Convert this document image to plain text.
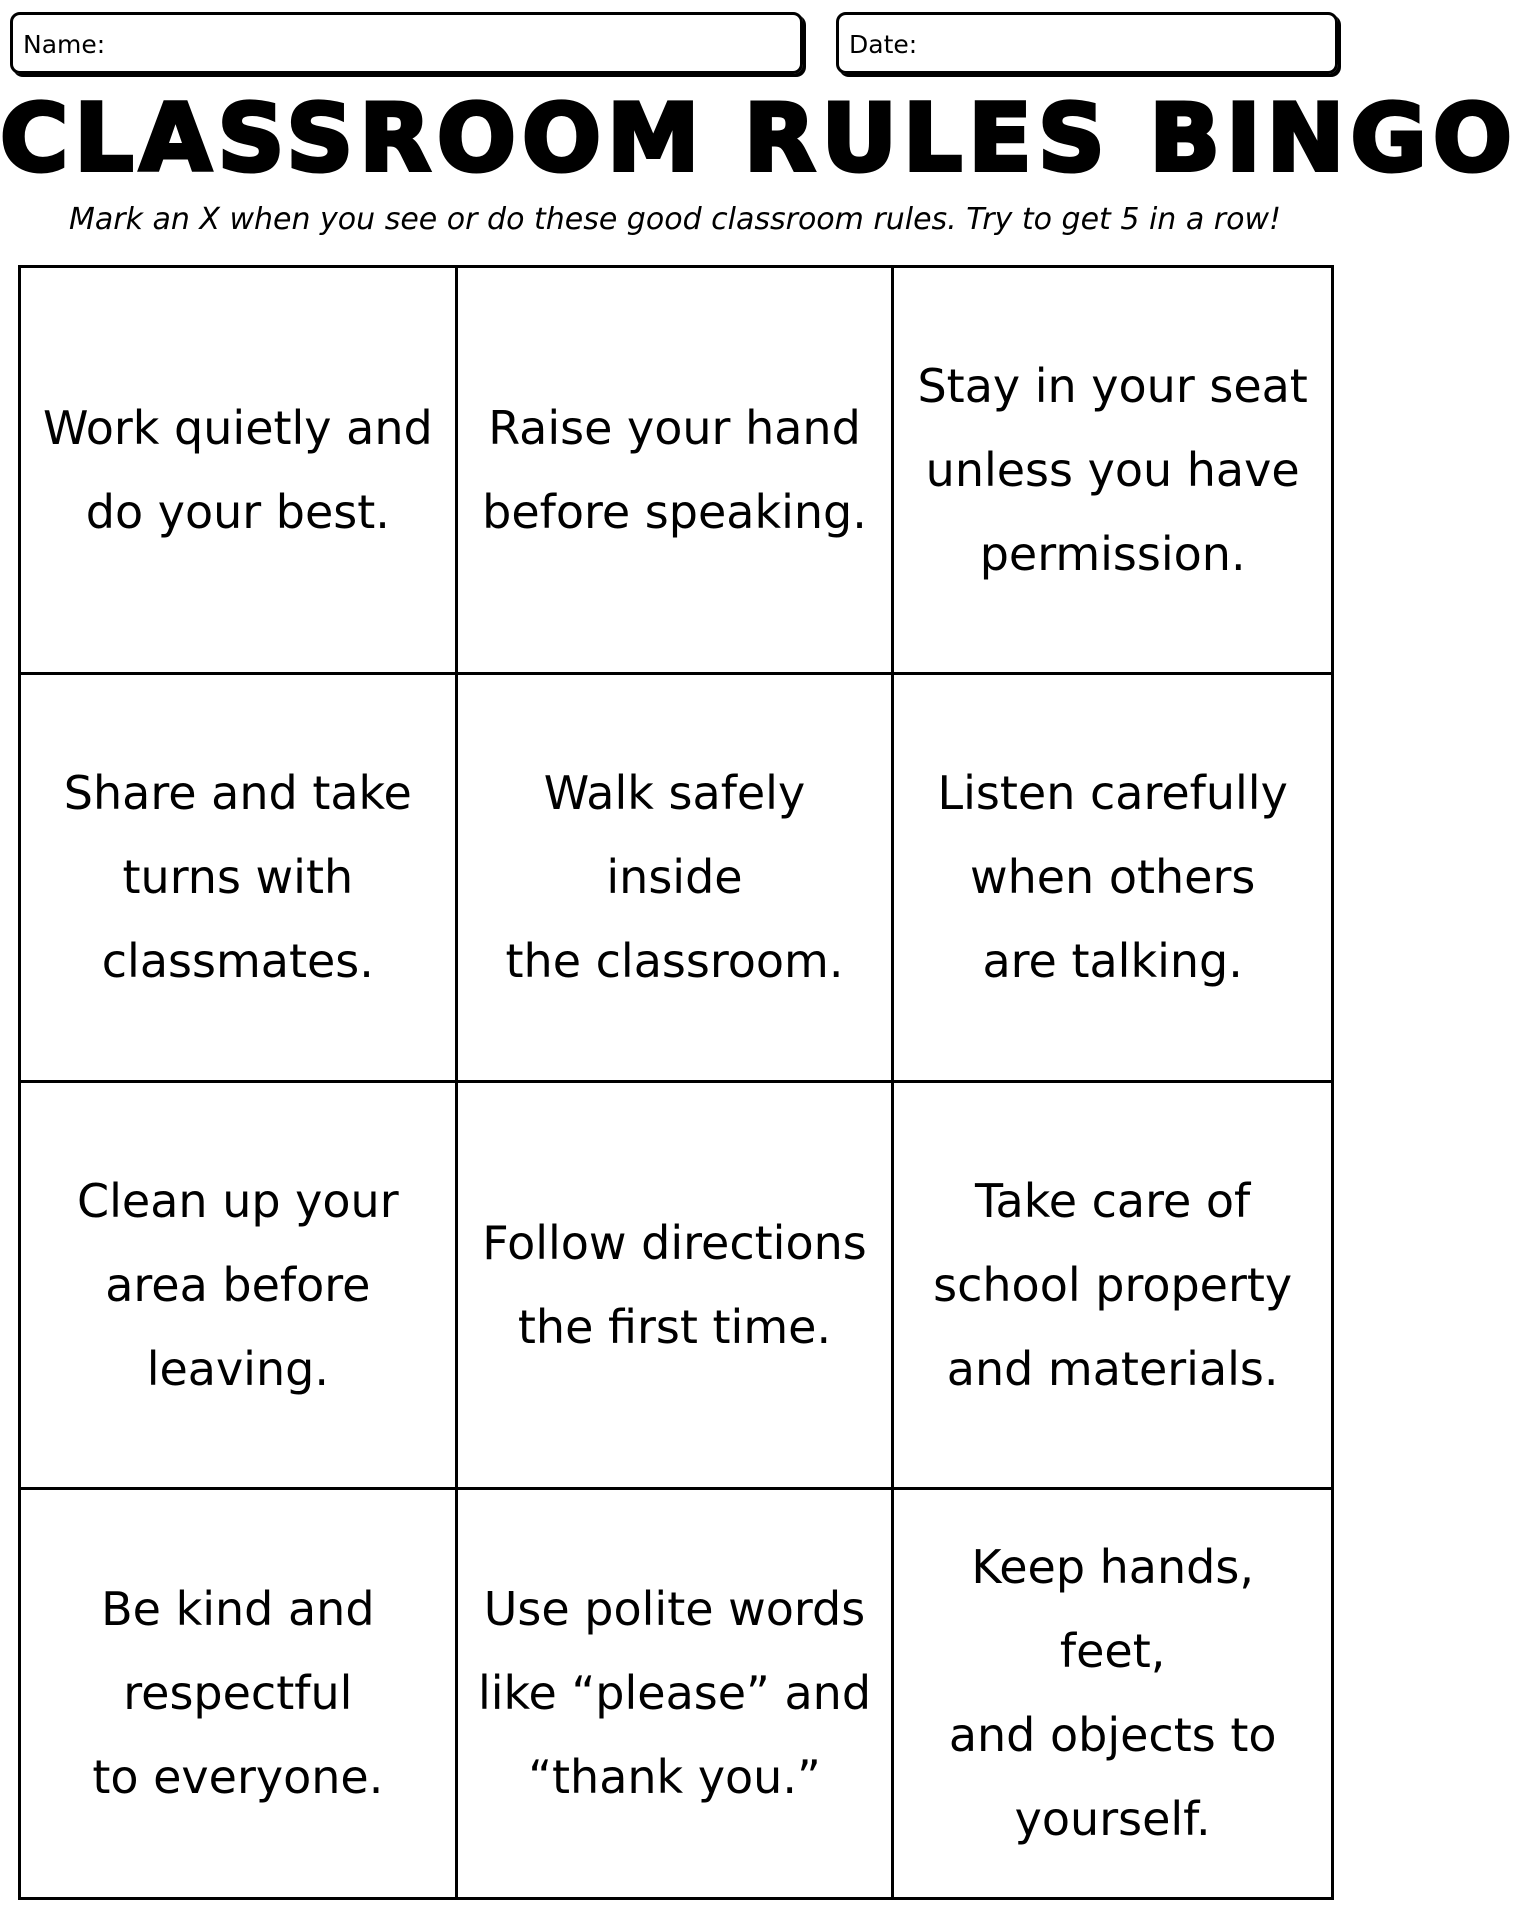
Name:	Date:
CLASSROOM RULES BINGO
Mark an X when you see or do these good classroom rules. Try to get 5 in a row!
Work quietly and
do your best.
Raise your hand
before speaking.
Stay in your seat
unless you have
permission.
Share and take
turns with
classmates.
Walk safely inside
the classroom.
Listen carefully
when others
are talking.
Clean up your
area before
leaving.
Follow directions
the first time.
Take care of
school property
and materials.
Be kind and
respectful
to everyone.
Use polite words
like “please” and
“thank you.”
Keep hands, feet,
and objects to
yourself.
